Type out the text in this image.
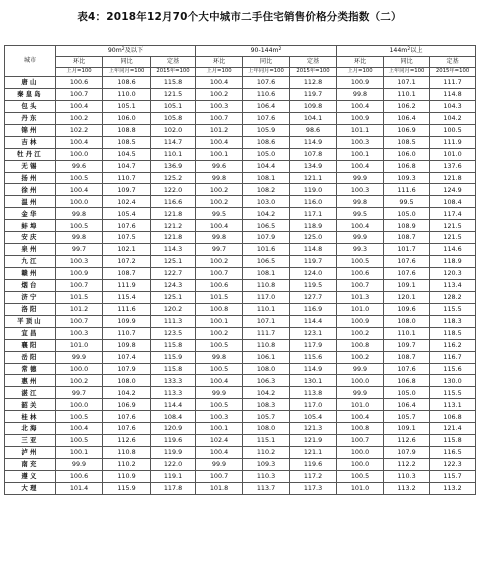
表4：2018年12月70个大中城市二手住宅销售价格分类指数（二）
城市	$90m^2$及以下			$90-144m^2$			$144m^2$以上		
	环比	同比	定基	环比	同比	定基	环比	同比	定基
	上月=100	上年同月=100	2015年=100	上月=100	上年同月=100	2015年=100	上月=100	上年同月=100	2015年=100
唐山	100.6	108.6	115.8	100.4	107.6	112.8	100.9	107.1	111.7
秦皇岛	100.7	110.0	121.5	100.2	110.6	119.7	99.8	110.1	114.8
包头	100.4	105.1	105.1	100.3	106.4	109.8	100.4	106.2	104.3
丹东	100.2	106.0	105.8	100.7	107.6	104.1	100.9	106.4	104.2
锦州	102.2	108.8	102.0	101.2	105.9	98.6	101.1	106.9	100.5
吉林	100.4	108.5	114.7	100.4	108.6	114.9	100.3	108.5	111.9
牡丹江	100.0	104.5	110.1	100.1	105.0	107.8	100.1	106.0	101.0
无锡	99.6	104.7	136.9	99.6	104.4	134.9	100.4	106.8	137.6
扬州	100.5	110.7	125.2	99.8	108.1	121.1	99.9	109.3	121.8
徐州	100.4	109.7	122.0	100.2	108.2	119.0	100.3	111.6	124.9
温州	100.0	102.4	116.6	100.2	103.0	116.0	99.8	99.5	108.4
金华	99.8	105.4	121.8	99.5	104.2	117.1	99.5	105.0	117.4
蚌埠	100.5	107.6	121.2	100.4	106.5	118.9	100.4	108.9	121.5
安庆	99.8	107.5	121.8	99.8	107.9	125.0	99.9	108.7	121.5
泉州	99.7	102.1	114.3	99.7	101.6	114.8	99.3	101.7	114.6
九江	100.3	107.2	125.1	100.2	106.5	119.7	100.5	107.6	118.9
赣州	100.9	108.7	122.7	100.7	108.1	124.0	100.6	107.6	120.3
烟台	100.7	111.9	124.3	100.6	110.8	119.5	100.7	109.1	113.4
济宁	101.5	115.4	125.1	101.5	117.0	127.7	101.3	120.1	128.2
洛阳	101.2	111.6	120.2	100.8	110.1	116.9	101.0	109.6	115.5
平顶山	100.7	109.9	111.3	100.1	107.1	114.4	100.9	108.0	118.3
宜昌	100.3	110.7	123.5	100.2	111.7	123.1	100.2	110.1	118.5
襄阳	101.0	109.8	115.8	100.5	110.8	117.9	100.8	109.7	116.2
岳阳	99.9	107.4	115.9	99.8	106.1	115.6	100.2	108.7	116.7
常德	100.0	107.9	115.8	100.5	108.0	114.9	99.9	107.6	115.6
惠州	100.2	108.0	133.3	100.4	106.3	130.1	100.0	106.8	130.0
湛江	99.7	104.2	113.3	99.9	104.2	113.8	99.9	105.0	115.5
韶关	100.0	106.9	114.4	100.5	108.3	117.0	101.0	106.4	113.1
桂林	100.5	107.6	108.4	100.3	105.7	105.4	100.4	105.7	106.8
北海	100.4	107.6	120.9	100.1	108.0	121.3	100.8	109.1	121.4
三亚	100.5	112.6	119.6	102.4	115.1	121.9	100.7	112.6	115.8
泸州	100.1	110.8	119.9	100.4	110.2	121.1	100.0	107.9	116.5
南充	99.9	110.2	122.0	99.9	109.3	119.6	100.0	112.2	122.3
遵义	100.6	110.9	119.1	100.7	110.3	117.2	100.5	110.3	115.7
大理	101.4	115.9	117.8	101.8	113.7	117.3	101.0	113.2	113.2
